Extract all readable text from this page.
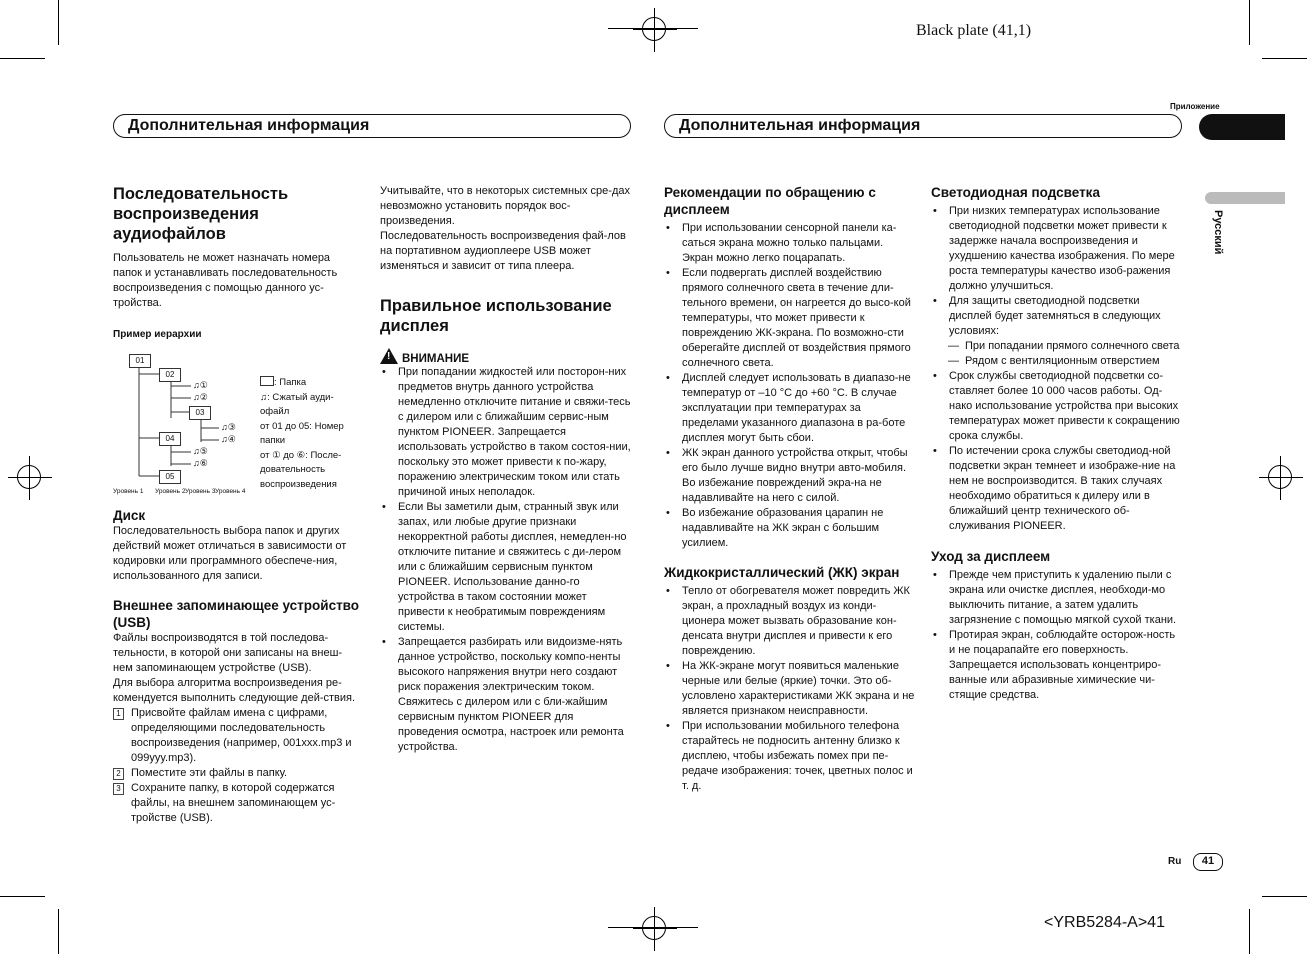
Black plate (41,1)
<YRB5284-A>41
Приложение
Дополнительная информация	Дополнительная информация
Русский
Последовательность воспроизведения аудиофайлов
Пользователь не может назначать номера папок и устанавливать последовательность воспроизведения с помощью данного ус-тройства.
Пример иерархии
01
02
03
04
05
♫①
♫②
♫③
♫④
♫⑤
♫⑥
Уровень 1 Уровень 2 Уровень 3 Уровень 4
: Папка
♫: Сжатый ауди-офайл
от 01 до 05: Номер папки
от ① до ⑥: После-довательность воспроизведения
Диск
Последовательность выбора папок и других действий может отличаться в зависимости от кодировки или программного обеспече-ния, использованного для записи.
Внешнее запоминающее устройство (USB)
Файлы воспроизводятся в той последова-тельности, в которой они записаны на внеш-нем запоминающем устройстве (USB).
Для выбора алгоритма воспроизведения ре-комендуется выполнить следующие дей-ствия.
1 Присвойте файлам имена с цифрами, определяющими последовательность воспроизведения (например, 001xxx.mp3 и 099yyy.mp3).
2 Поместите эти файлы в папку.
3 Сохраните папку, в которой содержатся файлы, на внешнем запоминающем ус-тройстве (USB).
Учитывайте, что в некоторых системных сре-дах невозможно установить порядок вос-произведения.
Последовательность воспроизведения фай-лов на портативном аудиоплеере USB может изменяться и зависит от типа плеера.
Правильное использование дисплея
! ВНИМАНИЕ
• При попадании жидкостей или посторон-них предметов внутрь данного устройства немедленно отключите питание и свяжи-тесь с дилером или с ближайшим сервис-ным пунктом PIONEER. Запрещается использовать устройство в таком состоя-нии, поскольку это может привести к по-жару, поражению электрическим током или стать причиной иных неполадок.
• Если Вы заметили дым, странный звук или запах, или любые другие признаки некорректной работы дисплея, немедлен-но отключите питание и свяжитесь с ди-лером или с ближайшим сервисным пунктом PIONEER. Использование данно-го устройства в таком состоянии может привести к необратимым повреждениям системы.
• Запрещается разбирать или видоизме-нять данное устройство, поскольку компо-ненты высокого напряжения внутри него создают риск поражения электрическим током. Свяжитесь с дилером или с бли-жайшим сервисным пунктом PIONEER для проведения осмотра, настроек или ремонта устройства.
Рекомендации по обращению с дисплеем
• При использовании сенсорной панели ка-саться экрана можно только пальцами. Экран можно легко поцарапать.
• Если подвергать дисплей воздействию прямого солнечного света в течение дли-тельного времени, он нагреется до высо-кой температуры, что может привести к повреждению ЖК-экрана. По возможно-сти оберегайте дисплей от воздействия прямого солнечного света.
• Дисплей следует использовать в диапазо-не температур от –10 °C до +60 °C. В случае эксплуатации при температурах за пределами указанного диапазона в ра-боте дисплея могут быть сбои.
• ЖК экран данного устройства открыт, чтобы его было лучше видно внутри авто-мобиля. Во избежание повреждений экра-на не надавливайте на него с силой.
• Во избежание образования царапин не надавливайте на ЖК экран с большим усилием.
Жидкокристаллический (ЖК) экран
• Тепло от обогревателя может повредить ЖК экран, а прохладный воздух из конди-ционера может вызвать образование кон-денсата внутри дисплея и привести к его повреждению.
• На ЖК-экране могут появиться маленькие черные или белые (яркие) точки. Это об-условлено характеристиками ЖК экрана и не является признаком неисправности.
• При использовании мобильного телефона старайтесь не подносить антенну близко к дисплею, чтобы избежать помех при пе-редаче изображения: точек, цветных полос и т. д.
Светодиодная подсветка
• При низких температурах использование светодиодной подсветки может привести к задержке начала воспроизведения и ухудшению качества изображения. По мере роста температуры качество изоб-ражения должно улучшиться.
• Для защиты светодиодной подсветки дисплей будет затемняться в следующих условиях:
— При попадании прямого солнечного света
— Рядом с вентиляционным отверстием
• Срок службы светодиодной подсветки со-ставляет более 10 000 часов работы. Од-нако использование устройства при высоких температурах может привести к сокращению срока службы.
• По истечении срока службы светодиод-ной подсветки экран темнеет и изображе-ние на нем не воспроизводится. В таких случаях необходимо обратиться к дилеру или в ближайший центр технического об-служивания PIONEER.
Уход за дисплеем
• Прежде чем приступить к удалению пыли с экрана или очистке дисплея, необходи-мо выключить питание, а затем удалить загрязнение с помощью мягкой сухой ткани.
• Протирая экран, соблюдайте осторож-ность и не поцарапайте его поверхность. Запрещается использовать концентриро-ванные или абразивные химические чи-стящие средства.
Ru	41
